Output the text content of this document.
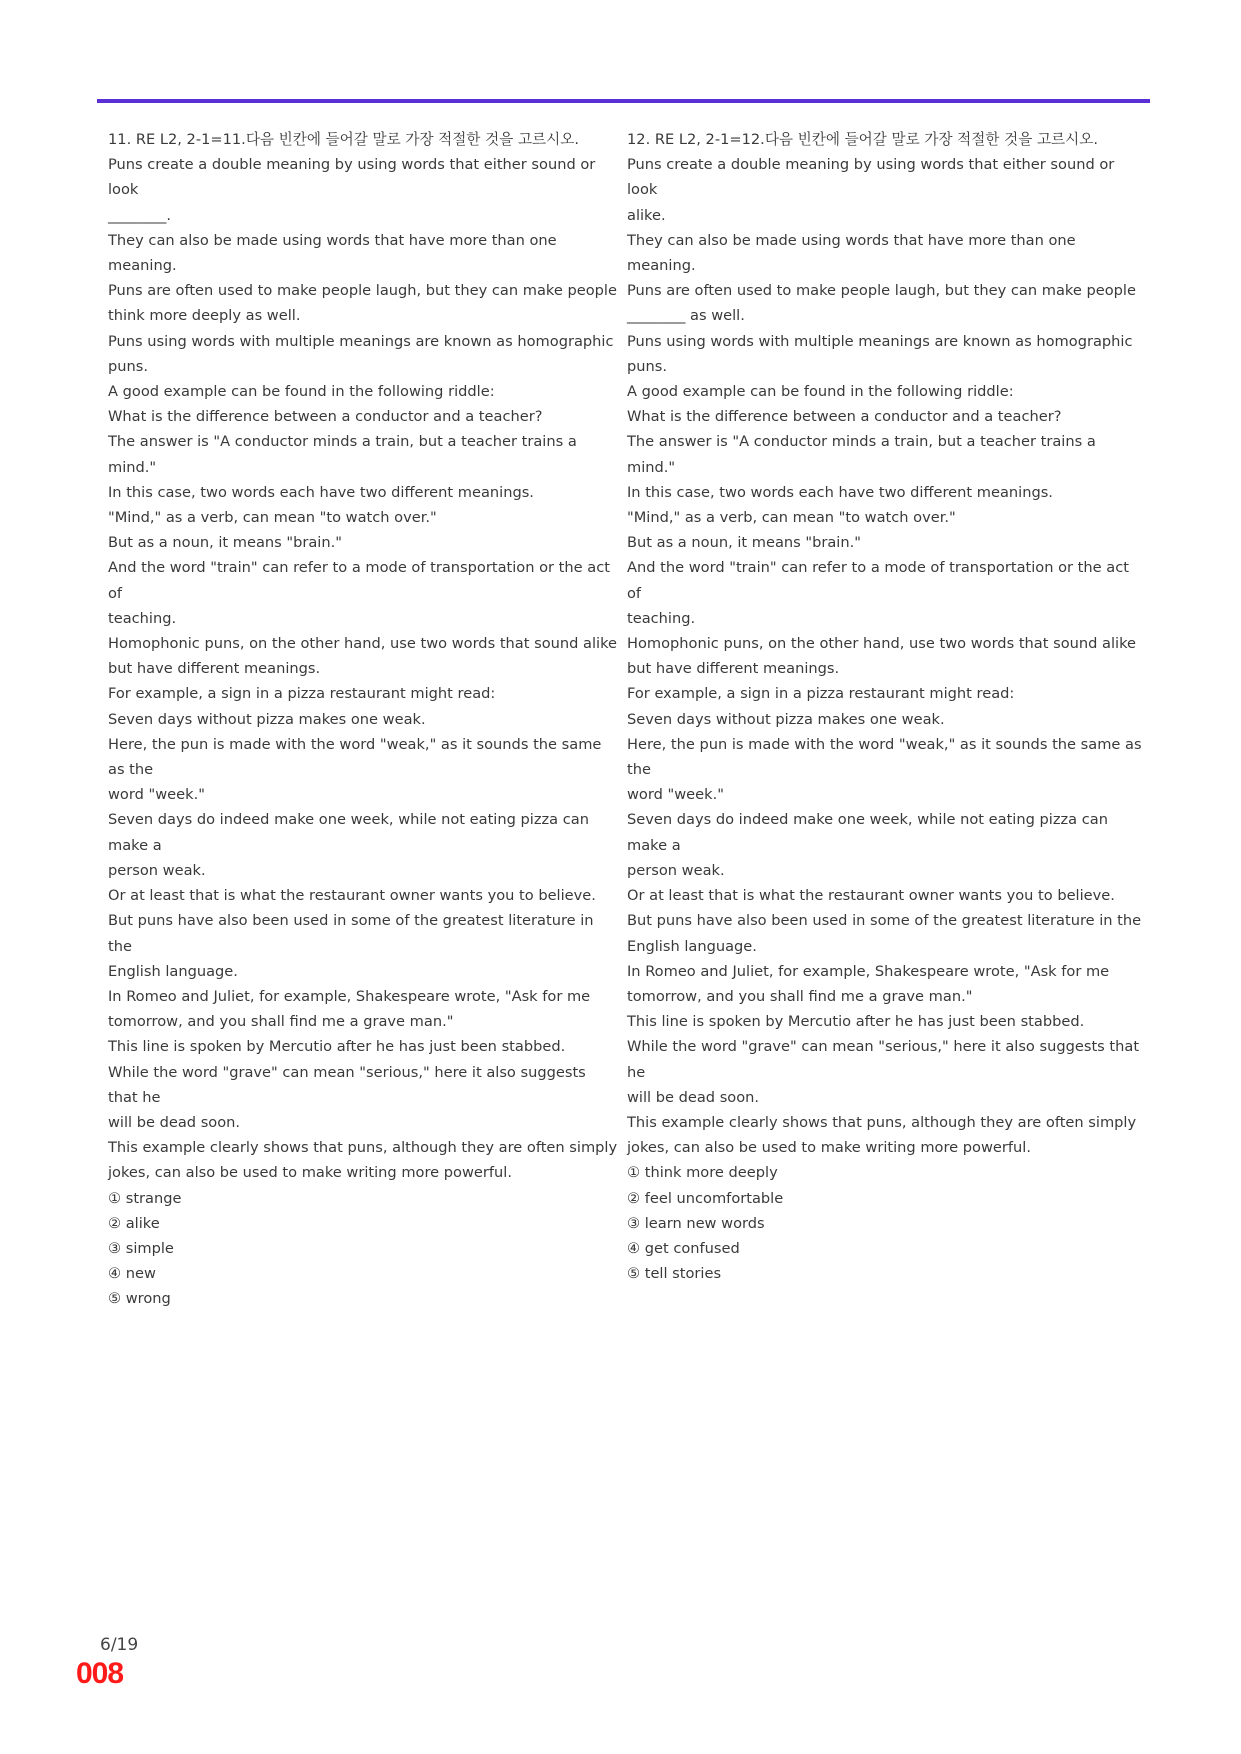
11. RE L2, 2-1=11.다음 빈칸에 들어갈 말로 가장 적절한 것을 고르시오.

Puns create a double meaning by using words that either sound or look

________.

They can also be made using words that have more than one meaning.

Puns are often used to make people laugh, but they can make people

think more deeply as well.

Puns using words with multiple meanings are known as homographic

puns.

A good example can be found in the following riddle:

What is the difference between a conductor and a teacher?

The answer is "A conductor minds a train, but a teacher trains a mind."

In this case, two words each have two different meanings.

"Mind," as a verb, can mean "to watch over."

But as a noun, it means "brain."

And the word "train" can refer to a mode of transportation or the act of

teaching.

Homophonic puns, on the other hand, use two words that sound alike

but have different meanings.

For example, a sign in a pizza restaurant might read:

Seven days without pizza makes one weak.

Here, the pun is made with the word "weak," as it sounds the same as the

word "week."

Seven days do indeed make one week, while not eating pizza can make a

person weak.

Or at least that is what the restaurant owner wants you to believe.

But puns have also been used in some of the greatest literature in the

English language.

In Romeo and Juliet, for example, Shakespeare wrote, "Ask for me

tomorrow, and you shall find me a grave man."

This line is spoken by Mercutio after he has just been stabbed.

While the word "grave" can mean "serious," here it also suggests that he

will be dead soon.

This example clearly shows that puns, although they are often simply

jokes, can also be used to make writing more powerful.

① strange

② alike

③ simple

④ new

⑤ wrong

12. RE L2, 2-1=12.다음 빈칸에 들어갈 말로 가장 적절한 것을 고르시오.

Puns create a double meaning by using words that either sound or look

alike.

They can also be made using words that have more than one meaning.

Puns are often used to make people laugh, but they can make people

________ as well.

Puns using words with multiple meanings are known as homographic

puns.

A good example can be found in the following riddle:

What is the difference between a conductor and a teacher?

The answer is "A conductor minds a train, but a teacher trains a mind."

In this case, two words each have two different meanings.

"Mind," as a verb, can mean "to watch over."

But as a noun, it means "brain."

And the word "train" can refer to a mode of transportation or the act of

teaching.

Homophonic puns, on the other hand, use two words that sound alike

but have different meanings.

For example, a sign in a pizza restaurant might read:

Seven days without pizza makes one weak.

Here, the pun is made with the word "weak," as it sounds the same as the

word "week."

Seven days do indeed make one week, while not eating pizza can make a

person weak.

Or at least that is what the restaurant owner wants you to believe.

But puns have also been used in some of the greatest literature in the

English language.

In Romeo and Juliet, for example, Shakespeare wrote, "Ask for me

tomorrow, and you shall find me a grave man."

This line is spoken by Mercutio after he has just been stabbed.

While the word "grave" can mean "serious," here it also suggests that he

will be dead soon.

This example clearly shows that puns, although they are often simply

jokes, can also be used to make writing more powerful.

① think more deeply

② feel uncomfortable

③ learn new words

④ get confused

⑤ tell stories

6/19
008
